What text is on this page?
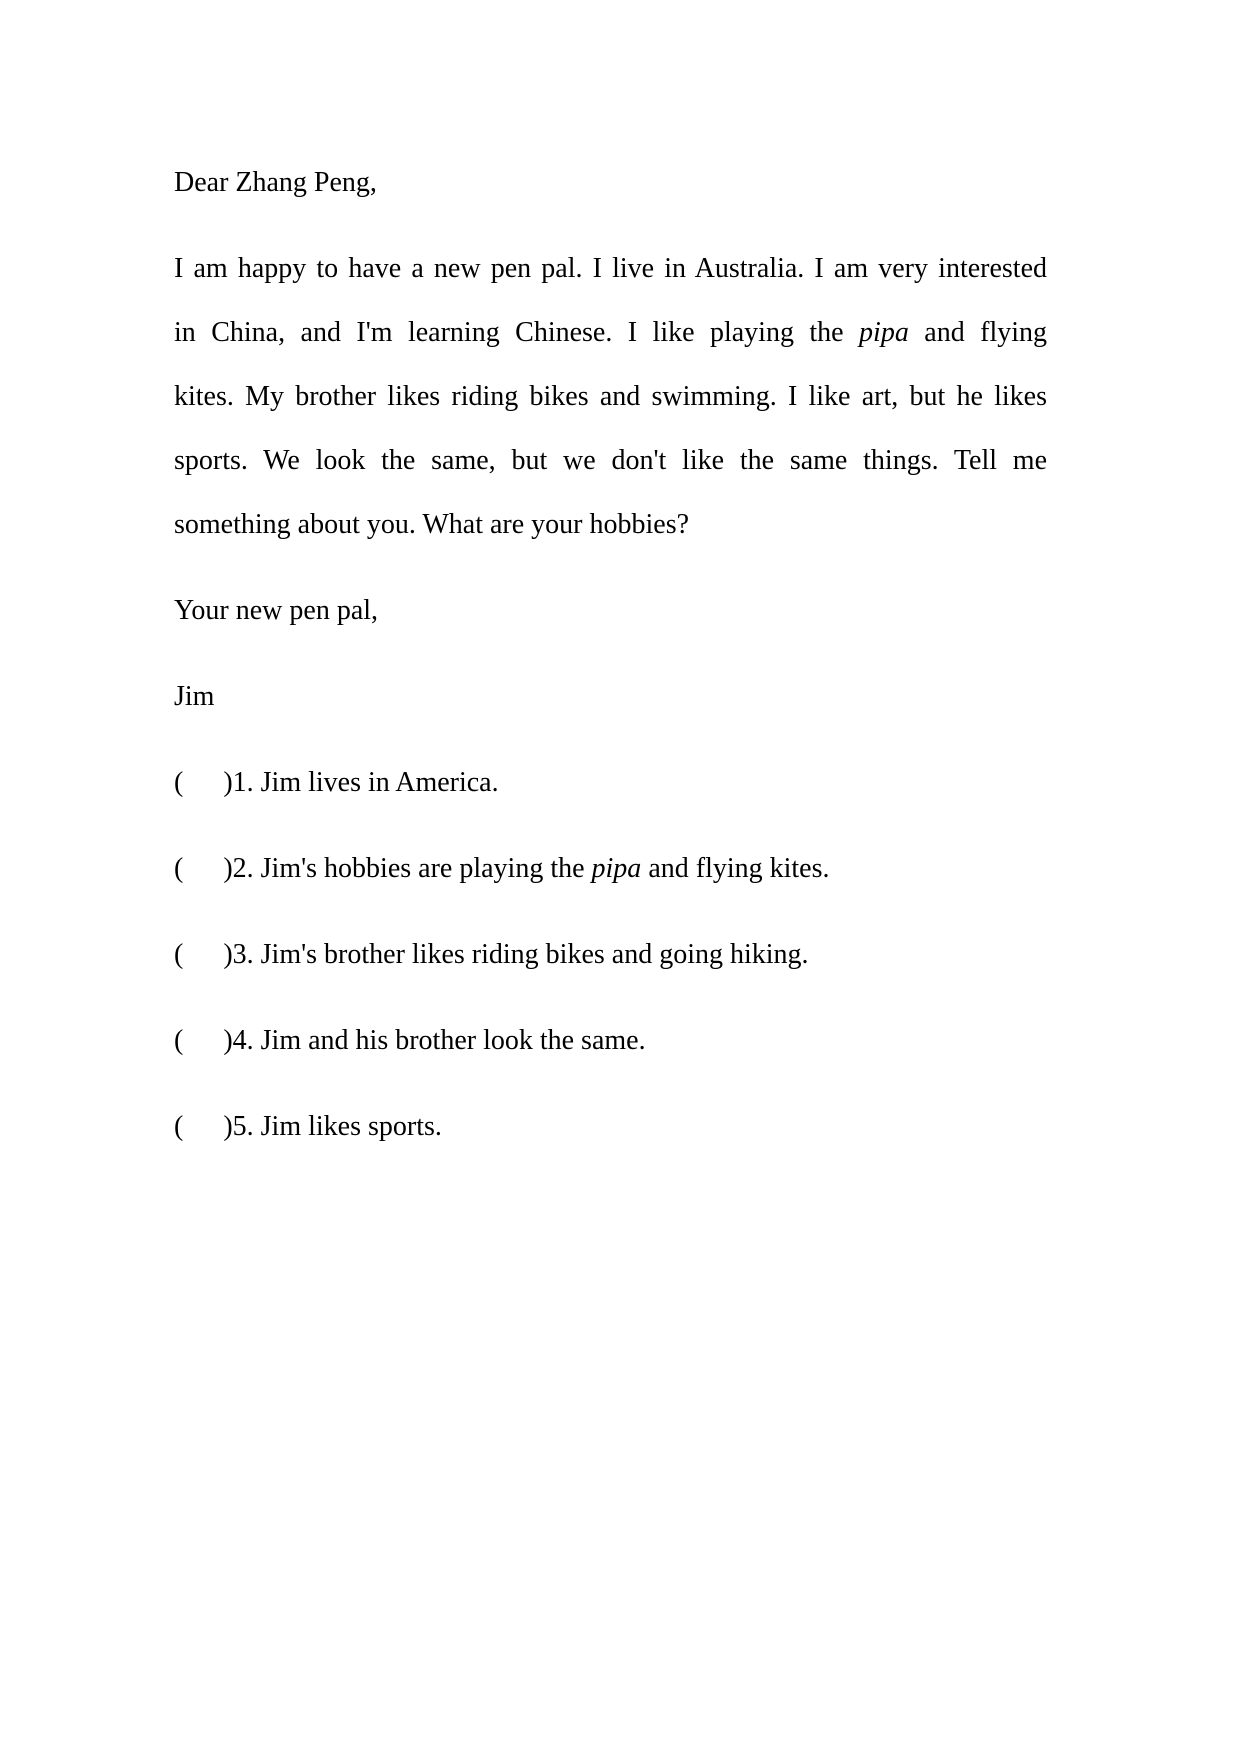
Dear Zhang Peng,

I am happy to have a new pen pal. I live in Australia. I am very interested
in China, and I'm learning Chinese. I like playing the pipa and flying
kites. My brother likes riding bikes and swimming. I like art, but he likes
sports. We look the same, but we don't like the same things. Tell me
something about you. What are your hobbies?

Your new pen pal,

Jim

( )1. Jim lives in America.

( )2. Jim's hobbies are playing the pipa and flying kites.

( )3. Jim's brother likes riding bikes and going hiking.

( )4. Jim and his brother look the same.

( )5. Jim likes sports.
